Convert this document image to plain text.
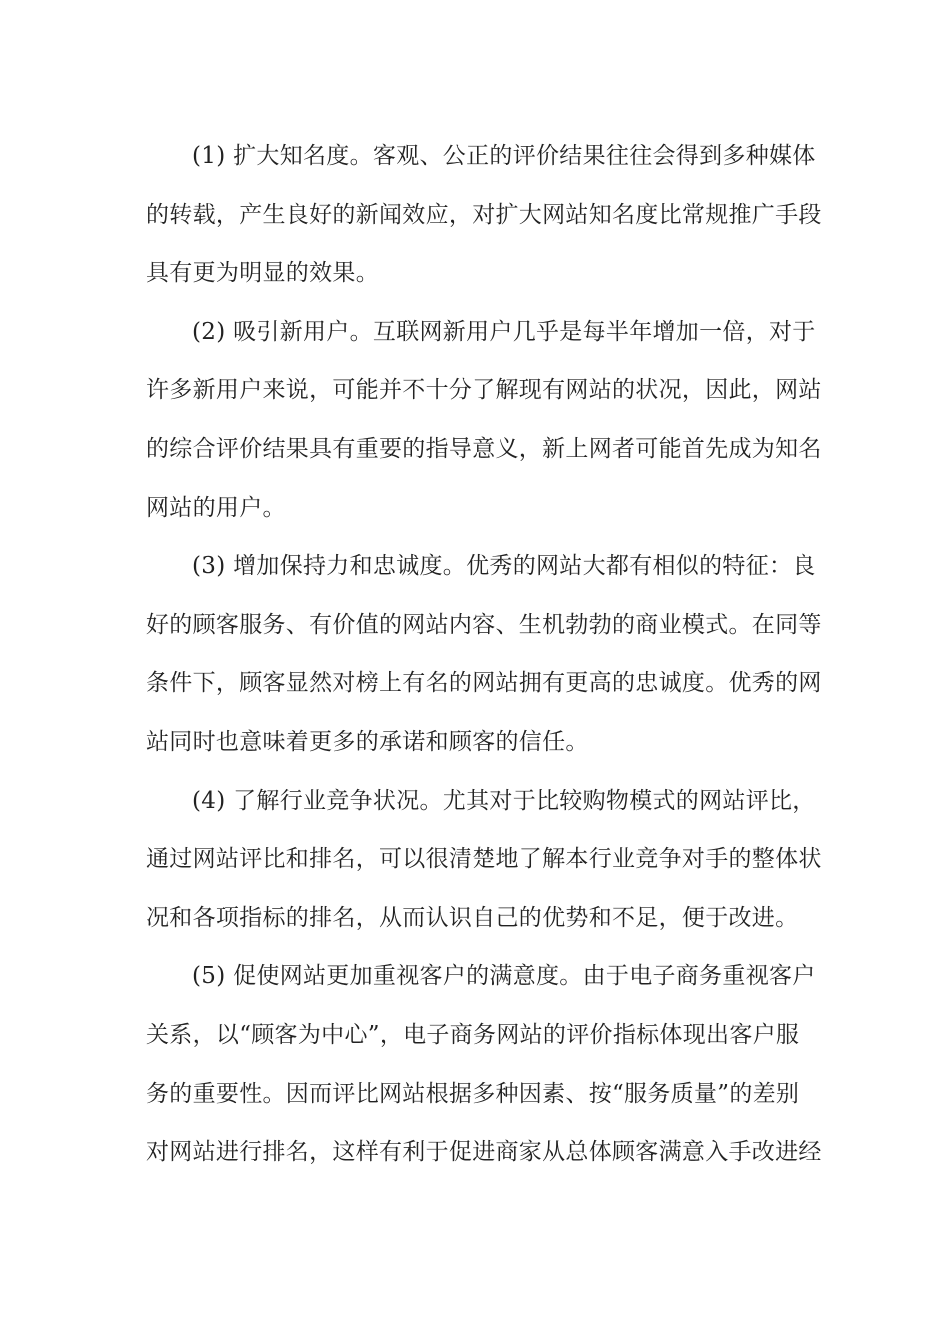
(1) 扩大知名度。客观、公正的评价结果往往会得到多种媒体
的转载，产生良好的新闻效应，对扩大网站知名度比常规推广手段
具有更为明显的效果。
(2) 吸引新用户。互联网新用户几乎是每半年增加一倍，对于
许多新用户来说，可能并不十分了解现有网站的状况，因此，网站
的综合评价结果具有重要的指导意义，新上网者可能首先成为知名
网站的用户。
(3) 增加保持力和忠诚度。优秀的网站大都有相似的特征：良
好的顾客服务、有价值的网站内容、生机勃勃的商业模式。在同等
条件下，顾客显然对榜上有名的网站拥有更高的忠诚度。优秀的网
站同时也意味着更多的承诺和顾客的信任。
(4) 了解行业竞争状况。尤其对于比较购物模式的网站评比，
通过网站评比和排名，可以很清楚地了解本行业竞争对手的整体状
况和各项指标的排名，从而认识自己的优势和不足，便于改进。
(5) 促使网站更加重视客户的满意度。由于电子商务重视客户
关系，以“顾客为中心”，电子商务网站的评价指标体现出客户服
务的重要性。因而评比网站根据多种因素、按“服务质量”的差别
对网站进行排名，这样有利于促进商家从总体顾客满意入手改进经
